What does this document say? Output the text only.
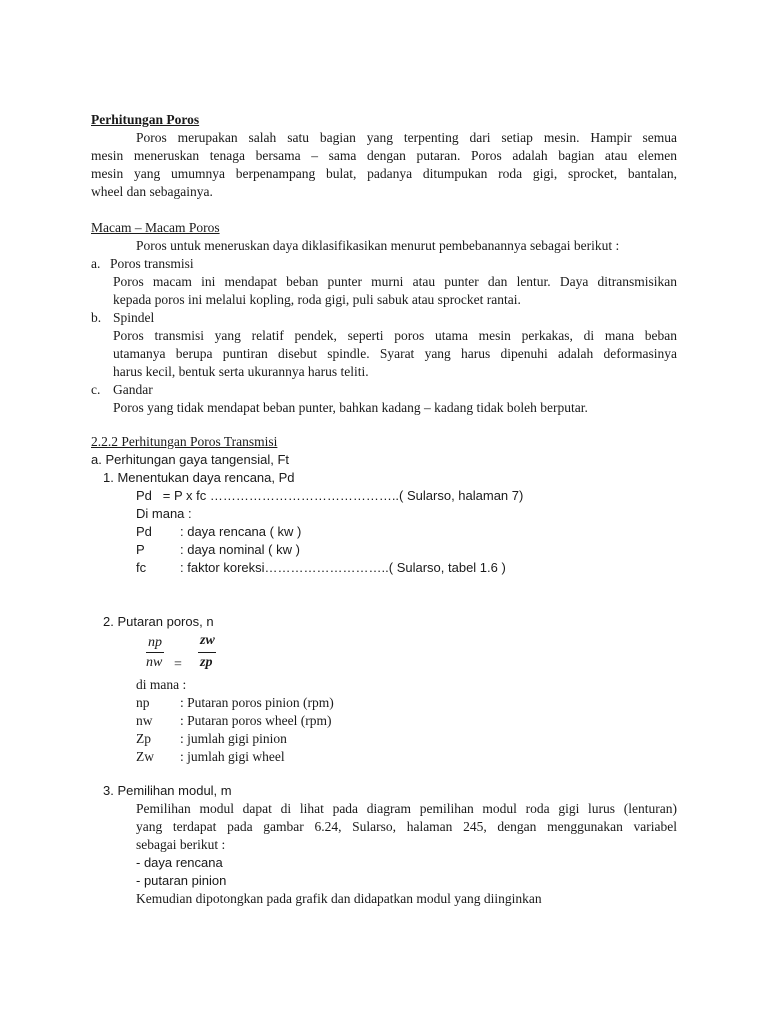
Perhitungan Poros
Poros merupakan salah satu bagian yang terpenting dari setiap mesin. Hampir semua
mesin meneruskan tenaga bersama – sama dengan putaran. Poros adalah bagian atau elemen
mesin yang umumnya berpenampang bulat, padanya ditumpukan roda gigi, sprocket, bantalan,
wheel dan sebagainya.
Macam – Macam Poros
Poros untuk meneruskan daya diklasifikasikan menurut pembebanannya sebagai berikut :
a. Poros transmisi
Poros macam ini mendapat beban punter murni atau punter dan lentur. Daya ditransmisikan
kepada poros ini melalui kopling, roda gigi, puli sabuk atau sprocket rantai.
b. Spindel
Poros transmisi yang relatif pendek, seperti poros utama mesin perkakas, di mana beban
utamanya berupa puntiran disebut spindle. Syarat yang harus dipenuhi adalah deformasinya
harus kecil, bentuk serta ukurannya harus teliti.
c. Gandar
Poros yang tidak mendapat beban punter, bahkan kadang – kadang tidak boleh berputar.
2.2.2 Perhitungan Poros Transmisi
a. Perhitungan gaya tangensial, Ft
1. Menentukan daya rencana, Pd
Pd   = P x fc ……………………………………..( Sularso, halaman 7)
Di mana :
Pd : daya rencana ( kw )
P	: daya nominal ( kw )
fc	: faktor koreksi………………………..( Sularso, tabel 1.6 )
2. Putaran poros, n
np
nw =
zw
zp
di mana :
np : Putaran poros pinion (rpm)
nw : Putaran poros wheel (rpm)
Zp : jumlah gigi pinion
Zw : jumlah gigi wheel
3. Pemilihan modul, m
Pemilihan modul dapat di lihat pada diagram pemilihan modul roda gigi lurus (lenturan)
yang terdapat pada gambar 6.24, Sularso, halaman 245, dengan menggunakan variabel
sebagai berikut :
- daya rencana
- putaran pinion
Kemudian dipotongkan pada grafik dan didapatkan modul yang diinginkan
